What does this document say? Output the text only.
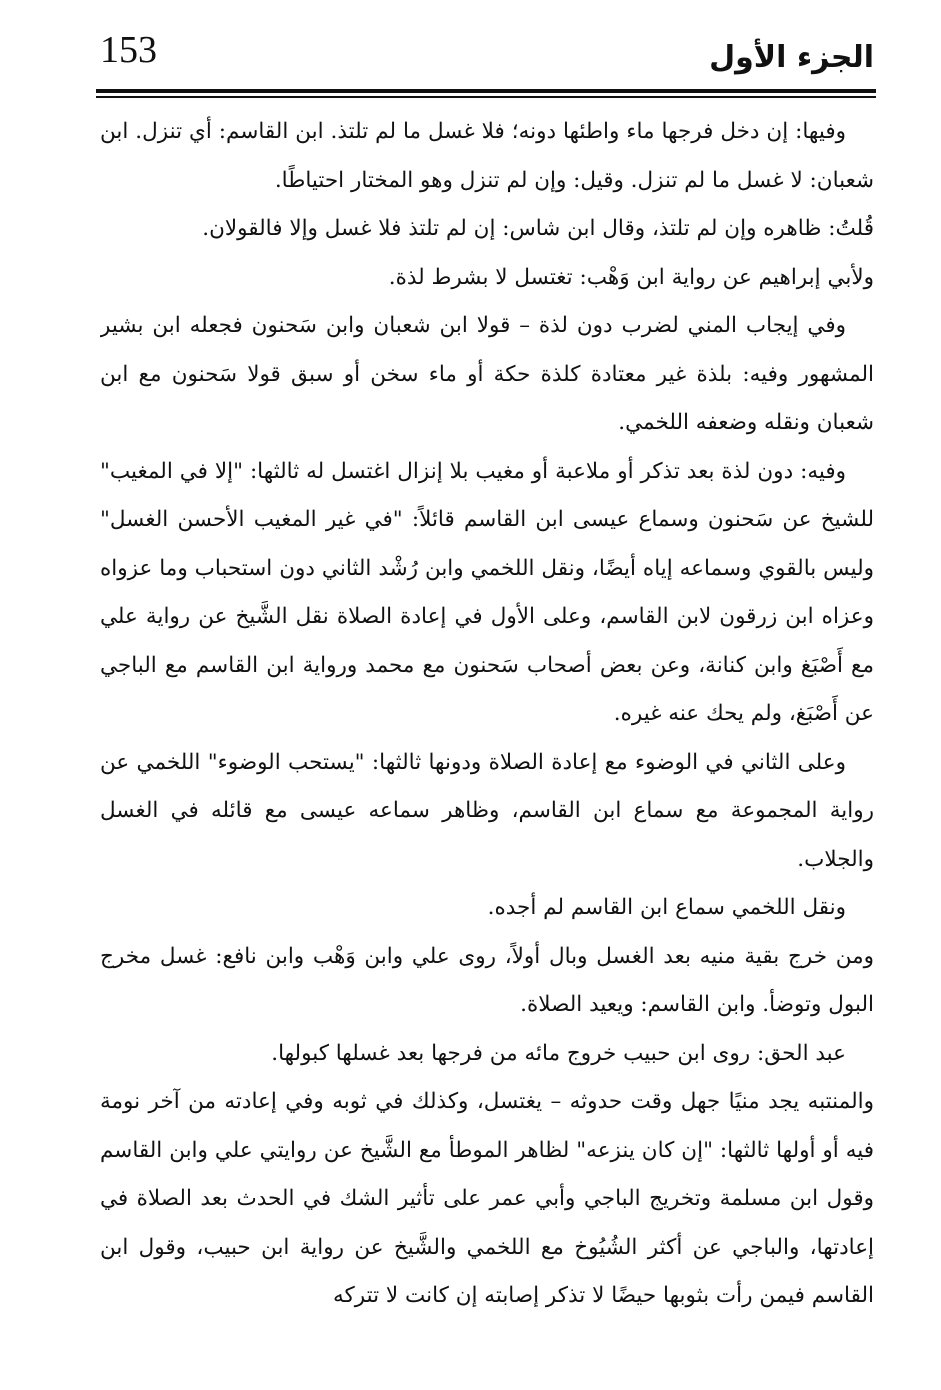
153	الجزء الأول

وفيها: إن دخل فرجها ماء واطئها دونه؛ فلا غسل ما لم تلتذ. ابن القاسم: أي تنزل. ابن شعبان: لا غسل ما لم تنزل. وقيل: وإن لم تنزل وهو المختار احتياطًا.

قُلتُ: ظاهره وإن لم تلتذ، وقال ابن شاس: إن لم تلتذ فلا غسل وإلا فالقولان.

ولأبي إبراهيم عن رواية ابن وَهْب: تغتسل لا بشرط لذة.

وفي إيجاب المني لضرب دون لذة – قولا ابن شعبان وابن سَحنون فجعله ابن بشير المشهور وفيه: بلذة غير معتادة كلذة حكة أو ماء سخن أو سبق قولا سَحنون مع ابن شعبان ونقله وضعفه اللخمي.

وفيه: دون لذة بعد تذكر أو ملاعبة أو مغيب بلا إنزال اغتسل له ثالثها: "إلا في المغيب" للشيخ عن سَحنون وسماع عيسى ابن القاسم قائلاً: "في غير المغيب الأحسن الغسل" وليس بالقوي وسماعه إياه أيضًا، ونقل اللخمي وابن رُشْد الثاني دون استحباب وما عزواه وعزاه ابن زرقون لابن القاسم، وعلى الأول في إعادة الصلاة نقل الشَّيخ عن رواية علي مع أَصْبَغ وابن كنانة، وعن بعض أصحاب سَحنون مع محمد ورواية ابن القاسم مع الباجي عن أَصْبَغ، ولم يحك عنه غيره.

وعلى الثاني في الوضوء مع إعادة الصلاة ودونها ثالثها: "يستحب الوضوء" اللخمي عن رواية المجموعة مع سماع ابن القاسم، وظاهر سماعه عيسى مع قائله في الغسل والجلاب.

ونقل اللخمي سماع ابن القاسم لم أجده.

ومن خرج بقية منيه بعد الغسل وبال أولاً، روى علي وابن وَهْب وابن نافع: غسل مخرج البول وتوضأ. وابن القاسم: ويعيد الصلاة.

عبد الحق: روى ابن حبيب خروج مائه من فرجها بعد غسلها كبولها.

والمنتبه يجد منيًا جهل وقت حدوثه – يغتسل، وكذلك في ثوبه وفي إعادته من آخر نومة فيه أو أولها ثالثها: "إن كان ينزعه" لظاهر الموطأ مع الشَّيخ عن روايتي علي وابن القاسم وقول ابن مسلمة وتخريج الباجي وأبي عمر على تأثير الشك في الحدث بعد الصلاة في إعادتها، والباجي عن أكثر الشُيُوخ مع اللخمي والشَّيخ عن رواية ابن حبيب، وقول ابن القاسم فيمن رأت بثوبها حيضًا لا تذكر إصابته إن كانت لا تتركه
